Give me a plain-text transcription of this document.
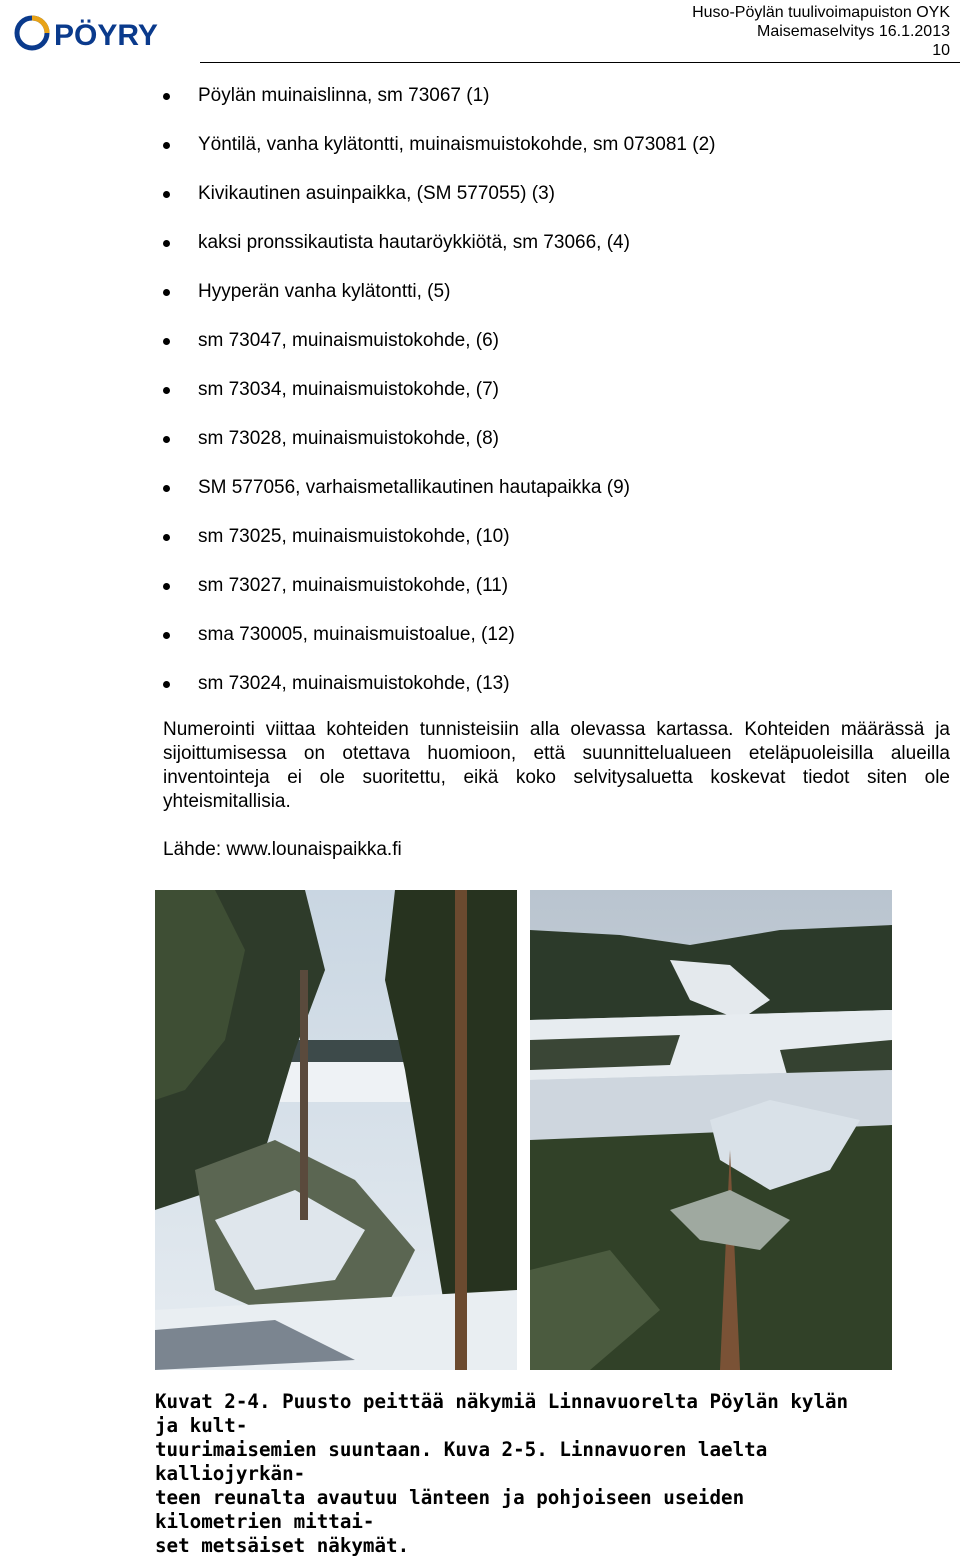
PÖYRY
Huso-Pöylän tuulivoimapuiston OYK
Maisemaselvitys 16.1.2013
10
Pöylän muinaislinna, sm 73067 (1)
Yöntilä, vanha kylätontti, muinaismuistokohde, sm 073081 (2)
Kivikautinen asuinpaikka, (SM 577055) (3)
kaksi pronssikautista hautaröykkiötä, sm 73066, (4)
Hyyperän vanha kylätontti, (5)
sm 73047, muinaismuistokohde, (6)
sm 73034, muinaismuistokohde, (7)
sm 73028, muinaismuistokohde, (8)
SM 577056, varhaismetallikautinen hautapaikka (9)
sm 73025, muinaismuistokohde, (10)
sm 73027, muinaismuistokohde, (11)
sma 730005, muinaismuistoalue, (12)
sm 73024, muinaismuistokohde, (13)
Numerointi viittaa kohteiden tunnisteisiin alla olevassa kartassa. Kohteiden määrässä ja sijoittumisessa on otettava huomioon, että suunnittelualueen eteläpuoleisilla alueilla inventointeja ei ole suoritettu, eikä koko selvitysaluetta koskevat tiedot siten ole yhteismitallisia.
Lähde: www.lounaispaikka.fi
Kuvat 2-4. Puusto peittää näkymiä Linnavuorelta Pöylän kylän ja kult-
tuurimaisemien suuntaan. Kuva 2-5. Linnavuoren laelta kalliojyrkän-
teen reunalta avautuu länteen ja pohjoiseen useiden kilometrien mittai-
set metsäiset näkymät.
